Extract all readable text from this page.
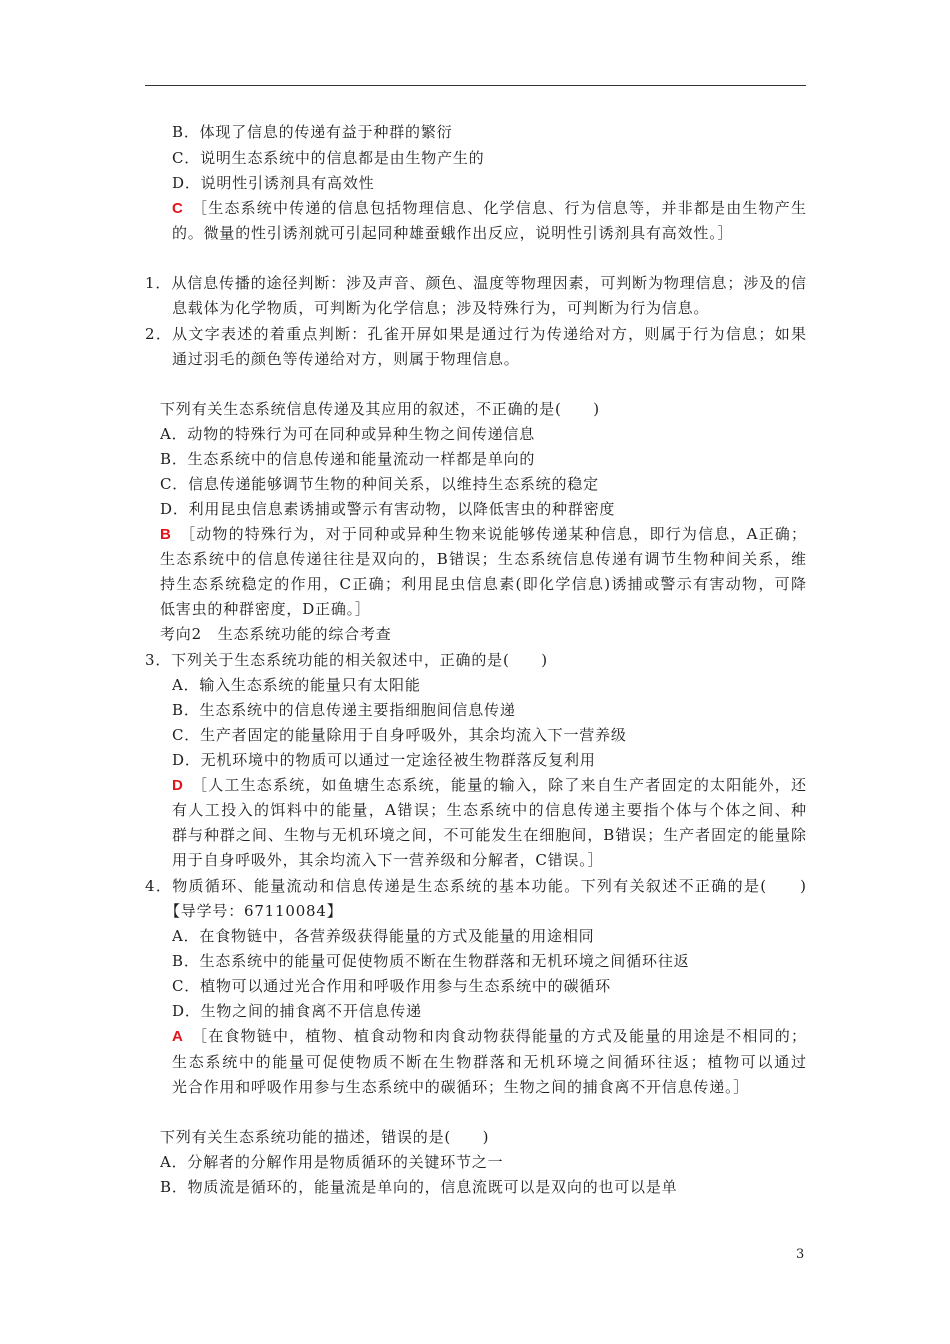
B．体现了信息的传递有益于种群的繁衍
C．说明生态系统中的信息都是由生物产生的
D．说明性引诱剂具有高效性
C ［生态系统中传递的信息包括物理信息、化学信息、行为信息等，并非都是由生物产生
的。微量的性引诱剂就可引起同种雄蚕蛾作出反应，说明性引诱剂具有高效性。］
1．从信息传播的途径判断：涉及声音、颜色、温度等物理因素，可判断为物理信息；涉及的信
息载体为化学物质，可判断为化学信息；涉及特殊行为，可判断为行为信息。
2．从文字表述的着重点判断：孔雀开屏如果是通过行为传递给对方，则属于行为信息；如果
通过羽毛的颜色等传递给对方，则属于物理信息。
下列有关生态系统信息传递及其应用的叙述，不正确的是(　　)
A．动物的特殊行为可在同种或异种生物之间传递信息
B．生态系统中的信息传递和能量流动一样都是单向的
C．信息传递能够调节生物的种间关系，以维持生态系统的稳定
D．利用昆虫信息素诱捕或警示有害动物，以降低害虫的种群密度
B ［动物的特殊行为，对于同种或异种生物来说能够传递某种信息，即行为信息，A正确；
生态系统中的信息传递往往是双向的，B错误；生态系统信息传递有调节生物种间关系，维
持生态系统稳定的作用，C正确；利用昆虫信息素(即化学信息)诱捕或警示有害动物，可降
低害虫的种群密度，D正确。］
考向2　生态系统功能的综合考查
3．下列关于生态系统功能的相关叙述中，正确的是(　　)
A．输入生态系统的能量只有太阳能
B．生态系统中的信息传递主要指细胞间信息传递
C．生产者固定的能量除用于自身呼吸外，其余均流入下一营养级
D．无机环境中的物质可以通过一定途径被生物群落反复利用
D ［人工生态系统，如鱼塘生态系统，能量的输入，除了来自生产者固定的太阳能外，还
有人工投入的饵料中的能量，A错误；生态系统中的信息传递主要指个体与个体之间、种
群与种群之间、生物与无机环境之间，不可能发生在细胞间，B错误；生产者固定的能量除
用于自身呼吸外，其余均流入下一营养级和分解者，C错误。］
4．物质循环、能量流动和信息传递是生态系统的基本功能。下列有关叙述不正确的是(　　)
【导学号：67110084】
A．在食物链中，各营养级获得能量的方式及能量的用途相同
B．生态系统中的能量可促使物质不断在生物群落和无机环境之间循环往返
C．植物可以通过光合作用和呼吸作用参与生态系统中的碳循环
D．生物之间的捕食离不开信息传递
A ［在食物链中，植物、植食动物和肉食动物获得能量的方式及能量的用途是不相同的；
生态系统中的能量可促使物质不断在生物群落和无机环境之间循环往返；植物可以通过
光合作用和呼吸作用参与生态系统中的碳循环；生物之间的捕食离不开信息传递。］
下列有关生态系统功能的描述，错误的是(　　)
A．分解者的分解作用是物质循环的关键环节之一
B．物质流是循环的，能量流是单向的，信息流既可以是双向的也可以是单
3
